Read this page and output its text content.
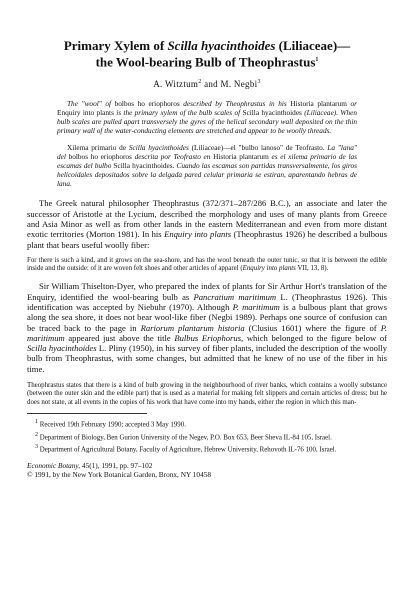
Primary Xylem of Scilla hyacinthoides (Liliaceae)—
the Wool-bearing Bulb of Theophrastus$^1$
A. Witztum$^2$ and M. Negbi$^3$

The "wool" of bolbos ho eriophoros described by Theophrastus in his Historia plantarum or Enquiry into plants is the primary xylem of the bulb scales of Scilla hyacinthoides (Liliaceae). When bulb scales are pulled apart transversely the gyres of the helical secondary wall deposited on the thin primary wall of the water-conducting elements are stretched and appear to be woolly threads.

Xilema primario de Scilla hyacinthoides (Liliaceae)—el "bulbo lanoso" de Teofrasto. La "lana" del bolbos ho eriophoros descrita por Teofrasto en Historia plantarum es el xilema primario de las escamas del bulbo Scilla hyacinthoides. Cuando las escamas son partidas transversalmente, los giros helicoidales depositados sobre la delgada pared celular primaria se estiran, aparentando hebras de lana.

The Greek natural philosopher Theophrastus (372/371–287/286 B.C.), an associate and later the successor of Aristotle at the Lycium, described the morphology and uses of many plants from Greece and Asia Minor as well as from other lands in the eastern Mediterranean and even from more distant exotic territories (Morton 1981). In his Enquiry into plants (Theophrastus 1926) he described a bulbous plant that bears useful woolly fiber:

For there is such a kind, and it grows on the sea-shore, and has the wool beneath the outer tunic, so that it is between the edible inside and the outside: of it are woven felt shoes and other articles of apparel (Enquiry into plants VII, 13, 8).

Sir William Thiselton-Dyer, who prepared the index of plants for Sir Arthur Hort's translation of the Enquiry, identified the wool-bearing bulb as Pancratium maritimum L. (Theophrastus 1926). This identification was accepted by Niebuhr (1970). Although P. maritimum is a bulbous plant that grows along the sea shore, it does not bear wool-like fiber (Negbi 1989). Perhaps one source of confusion can be traced back to the page in Rariorum plantarum historia (Clusius 1601) where the figure of P. maritimum appeared just above the title Bulbus Eriophorus, which belonged to the figure below of Scilla hyacinthoides L. Pliny (1950), in his survey of fiber plants, included the description of the woolly bulb from Theophrastus, with some changes, but admitted that he knew of no use of the fiber in his time.

Theophrastus states that there is a kind of bulb growing in the neighbourhood of river banks, which contains a woolly substance (between the outer skin and the edible part) that is used as a material for making felt slippers and certain articles of dress; but he does not state, at all events in the copies of his work that have come into my hands, either the region in which this man-

$^1$ Received 19th February 1990; accepted 3 May 1990.

$^2$ Department of Biology, Ben Gurion University of the Negev, P.O. Box 653, Beer Sheva IL-84 105, Israel.

$^3$ Department of Agricultural Botany, Faculty of Agriculture, Hebrew University, Rehovoth IL-76 100, Israel.

Economic Botany, 45(1), 1991, pp. 97–102
© 1991, by the New York Botanical Garden, Bronx, NY 10458
